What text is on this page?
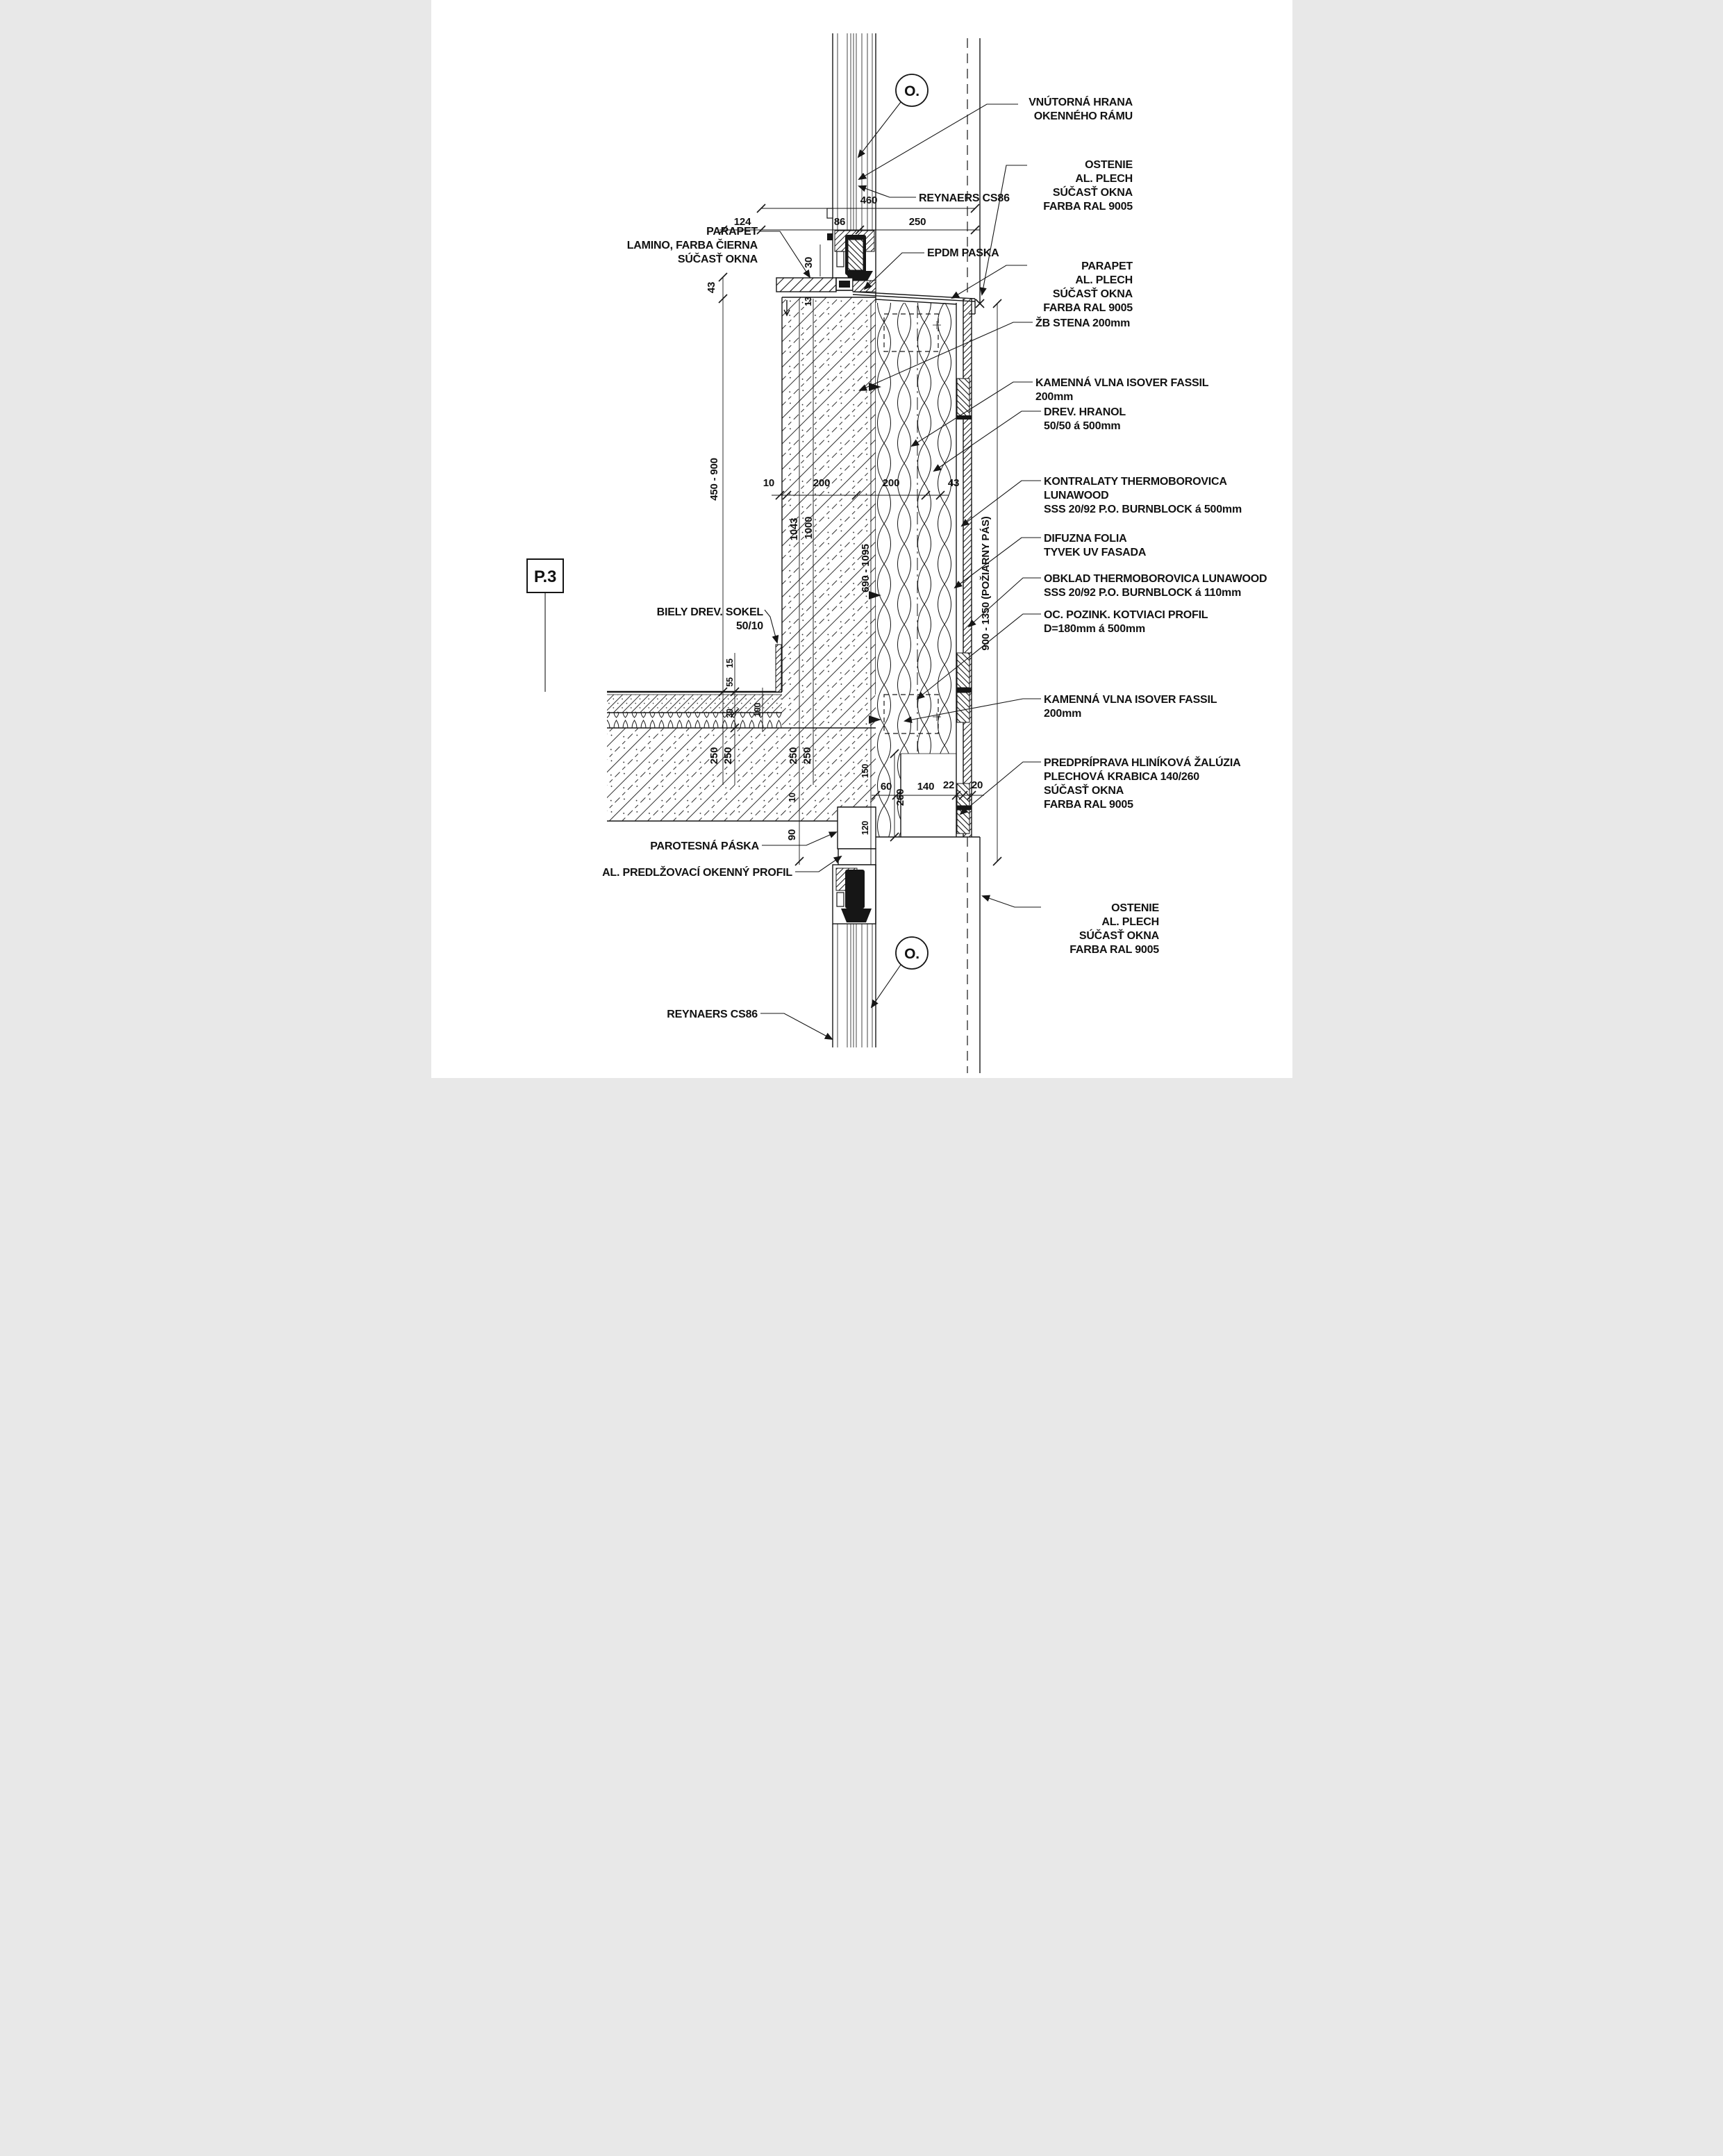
460
124	86	250
43
450 - 900
30
13
10	200	200	43
1043 1000
690 - 1095	900 - 1350 (POŽIARNY PÁS)
15
55
30 100
250 250	250 250
10
90
150
120
260
60 140 22 20
O.
O.
P.3
VNÚTORNÁ HRANA
OKENNÉHO RÁMU
OSTENIE
AL. PLECH
SÚČASŤ OKNA
FARBA RAL 9005
REYNAERS CS86
PARAPET
LAMINO, FARBA ČIERNA
SÚČASŤ OKNA
EPDM PASKA
PARAPET
AL. PLECH
SÚČASŤ OKNA
FARBA RAL 9005
ŽB STENA 200mm
KAMENNÁ VLNA ISOVER FASSIL
200mm
DREV. HRANOL
50/50 á 500mm
KONTRALATY THERMOBOROVICA
LUNAWOOD
SSS 20/92 P.O. BURNBLOCK á 500mm
DIFUZNA FOLIA
TYVEK UV FASADA
OBKLAD THERMOBOROVICA LUNAWOOD
SSS 20/92 P.O. BURNBLOCK á 110mm
OC. POZINK. KOTVIACI PROFIL
D=180mm á 500mm
KAMENNÁ VLNA ISOVER FASSIL
200mm
PREDPRÍPRAVA HLINÍKOVÁ ŽALÚZIA
PLECHOVÁ KRABICA 140/260
SÚČASŤ OKNA
FARBA RAL 9005
PAROTESNÁ PÁSKA
AL. PREDLŽOVACÍ OKENNÝ PROFIL
REYNAERS CS86
OSTENIE
AL. PLECH
SÚČASŤ OKNA
FARBA RAL 9005
BIELY DREV. SOKEL
50/10
